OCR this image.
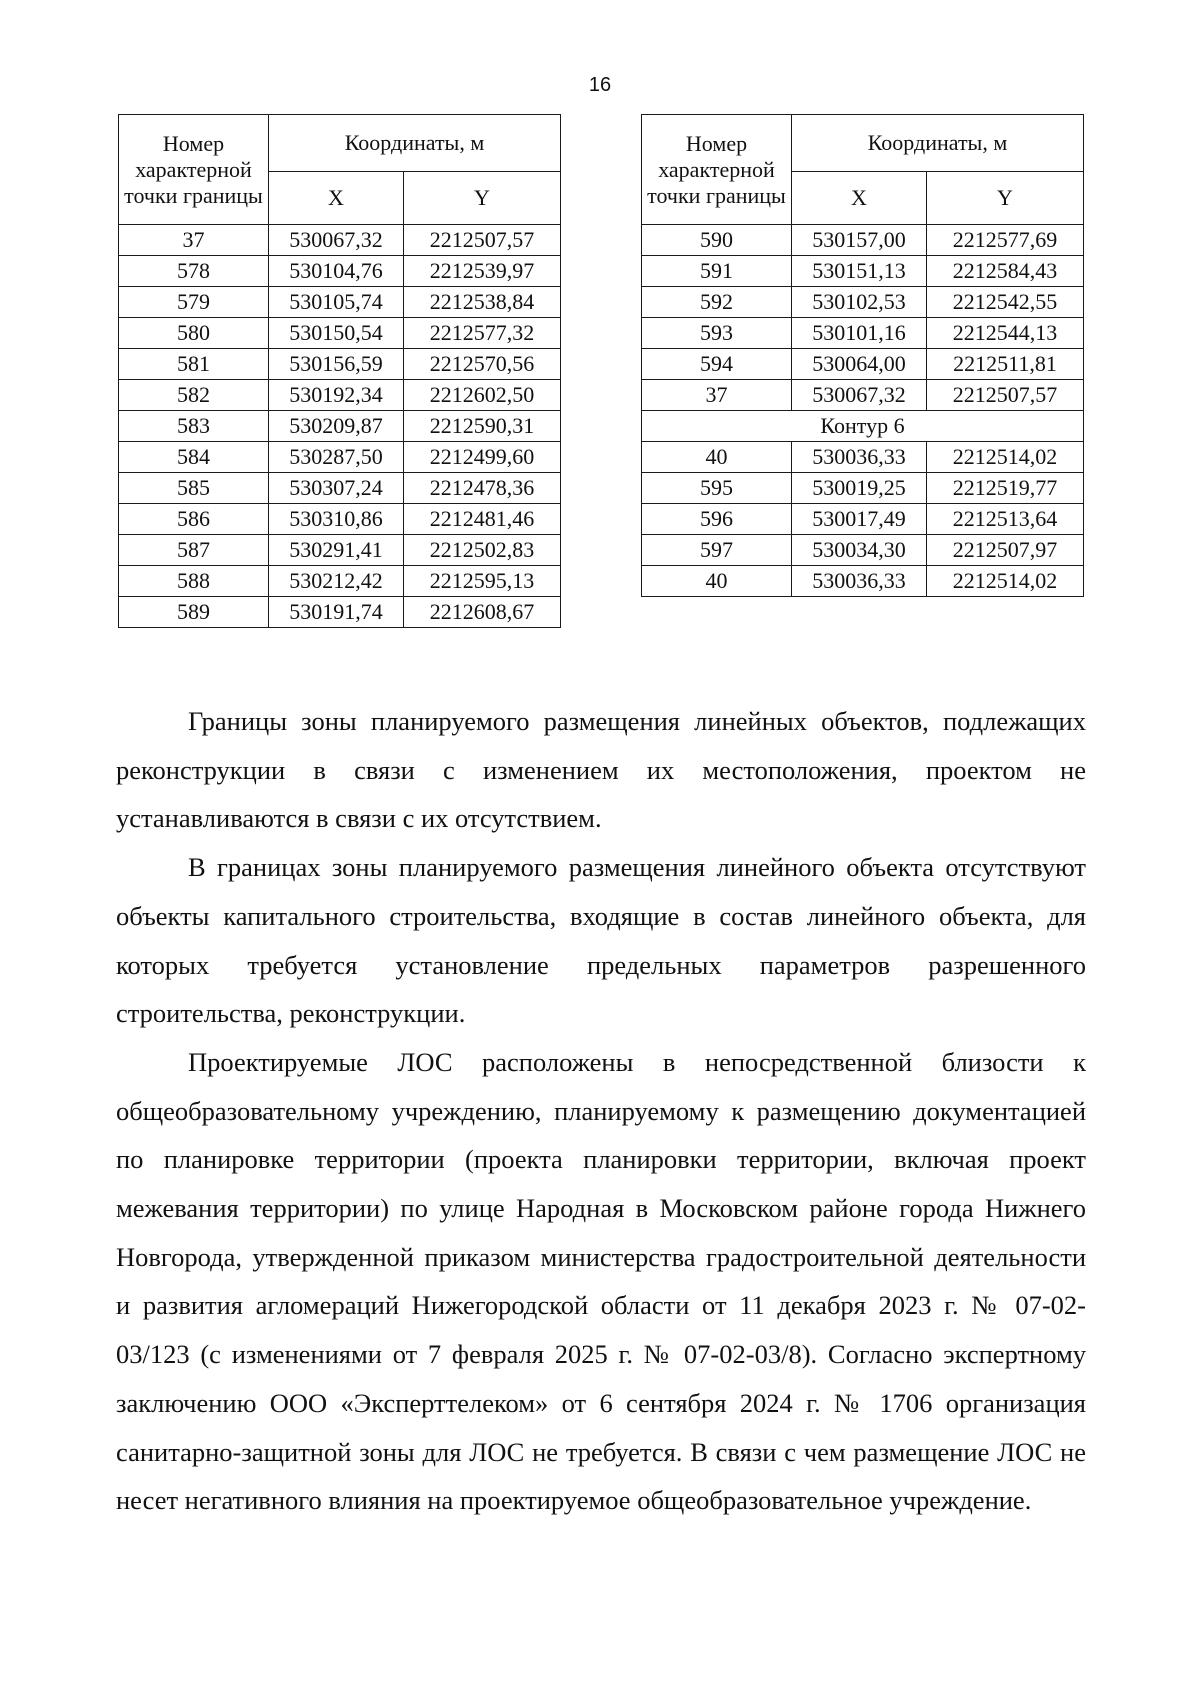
16
Номер характерной точки границы	Координаты, м	
	X	Y
37	530067,32	2212507,57
578	530104,76	2212539,97
579	530105,74	2212538,84
580	530150,54	2212577,32
581	530156,59	2212570,56
582	530192,34	2212602,50
583	530209,87	2212590,31
584	530287,50	2212499,60
585	530307,24	2212478,36
586	530310,86	2212481,46
587	530291,41	2212502,83
588	530212,42	2212595,13
589	530191,74	2212608,67
Номер характерной точки границы	Координаты, м	
	X	Y
590	530157,00	2212577,69
591	530151,13	2212584,43
592	530102,53	2212542,55
593	530101,16	2212544,13
594	530064,00	2212511,81
37	530067,32	2212507,57
Контур 6		
40	530036,33	2212514,02
595	530019,25	2212519,77
596	530017,49	2212513,64
597	530034,30	2212507,97
40	530036,33	2212514,02

Границы зоны планируемого размещения линейных объектов, подлежащих реконструкции в связи с изменением их местоположения, проектом не устанавливаются в связи с их отсутствием.

В границах зоны планируемого размещения линейного объекта отсутствуют объекты капитального строительства, входящие в состав линейного объекта, для которых требуется установление предельных параметров разрешенного строительства, реконструкции.

Проектируемые ЛОС расположены в непосредственной близости к общеобразовательному учреждению, планируемому к размещению документацией по планировке территории (проекта планировки территории, включая проект межевания территории) по улице Народная в Московском районе города Нижнего Новгорода, утвержденной приказом министерства градостроительной деятельности и развития агломераций Нижегородской области от 11 декабря 2023 г. № 07-02-03/123 (с изменениями от 7 февраля 2025 г. № 07-02-03/8). Согласно экспертному заключению ООО «Эксперттелеком» от 6 сентября 2024 г. № 1706 организация санитарно-защитной зоны для ЛОС не требуется. В связи с чем размещение ЛОС не несет негативного влияния на проектируемое общеобразовательное учреждение.
